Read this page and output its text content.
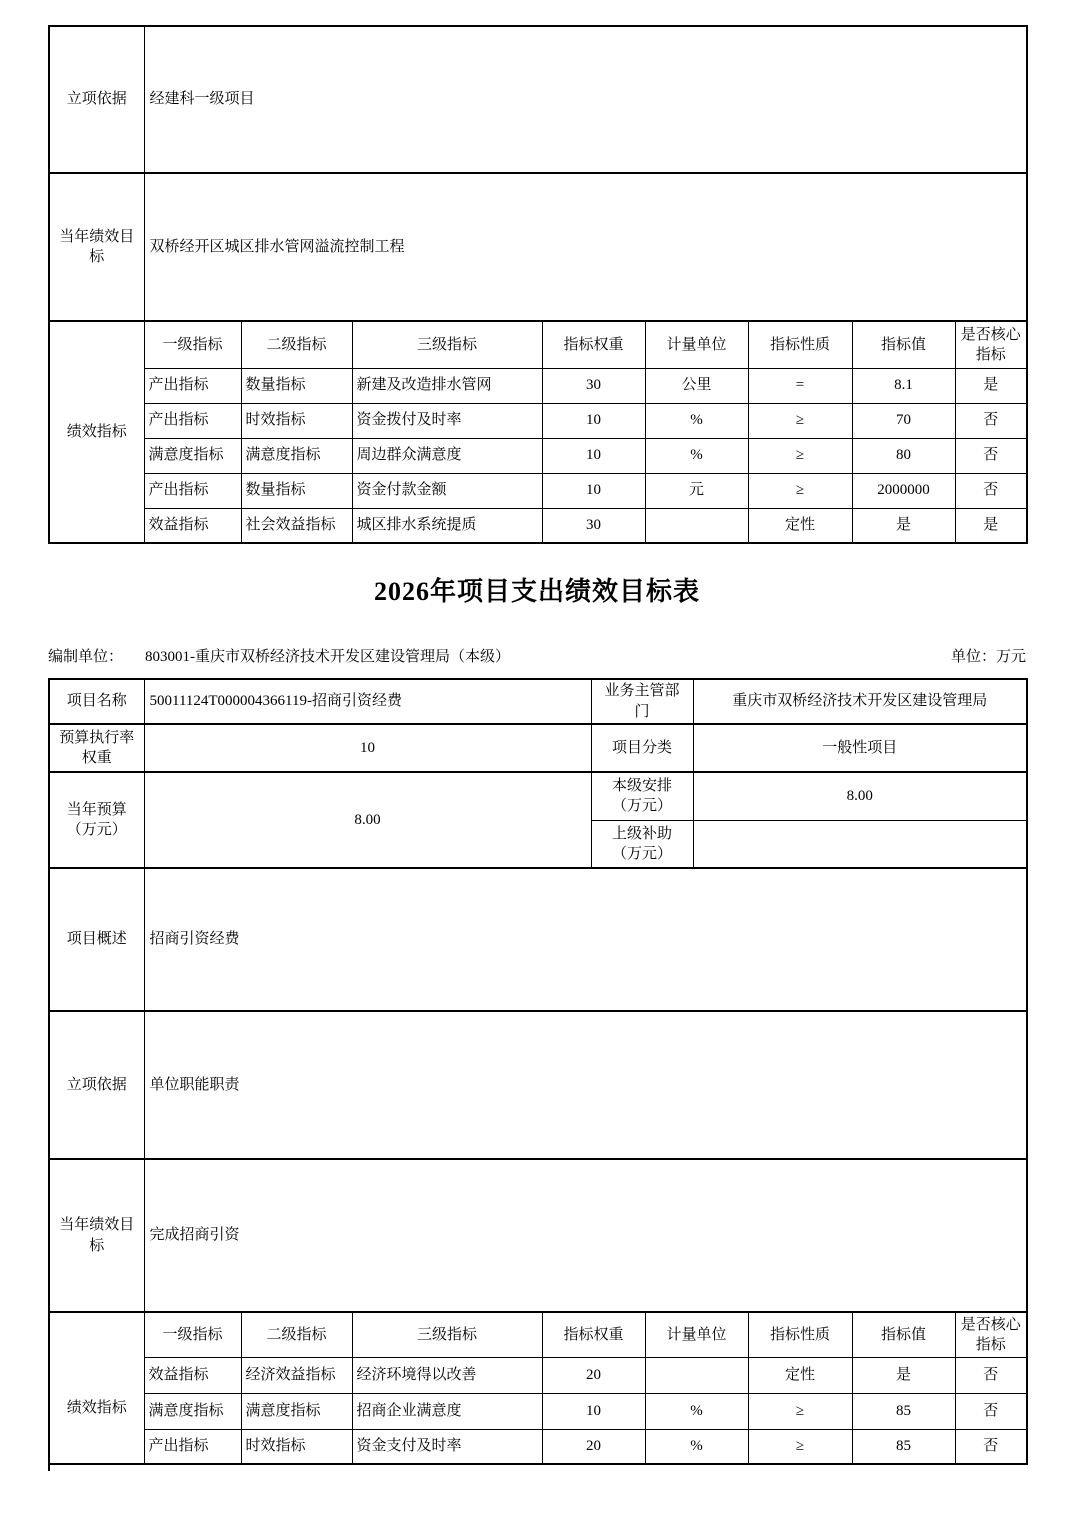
立项依据	经建科一级项目							
当年绩效目标	双桥经开区城区排水管网溢流控制工程							
绩效指标	一级指标	二级指标	三级指标	指标权重	计量单位	指标性质	指标值	是否核心指标
	产出指标	数量指标	新建及改造排水管网	30	公里	=	8.1	是
	产出指标	时效指标	资金拨付及时率	10	%	≥	70	否
	满意度指标	满意度指标	周边群众满意度	10	%	≥	80	否
	产出指标	数量指标	资金付款金额	10	元	≥	2000000	否
	效益指标	社会效益指标	城区排水系统提质	30		定性	是	是
2026年项目支出绩效目标表
编制单位： 803001-重庆市双桥经济技术开发区建设管理局（本级）	单位：万元
项目名称	50011124T000004366119-招商引资经费	业务主管部门	重庆市双桥经济技术开发区建设管理局
预算执行率权重	10	项目分类	一般性项目
当年预算（万元）	8.00	本级安排（万元）	8.00
		上级补助（万元）	
项目概述	招商引资经费		
立项依据	单位职能职责		
当年绩效目标	完成招商引资		
绩效指标	一级指标	二级指标	三级指标	指标权重	计量单位	指标性质	指标值	是否核心指标
	效益指标	经济效益指标	经济环境得以改善	20		定性	是	否
	满意度指标	满意度指标	招商企业满意度	10	%	≥	85	否
	产出指标	时效指标	资金支付及时率	20	%	≥	85	否
